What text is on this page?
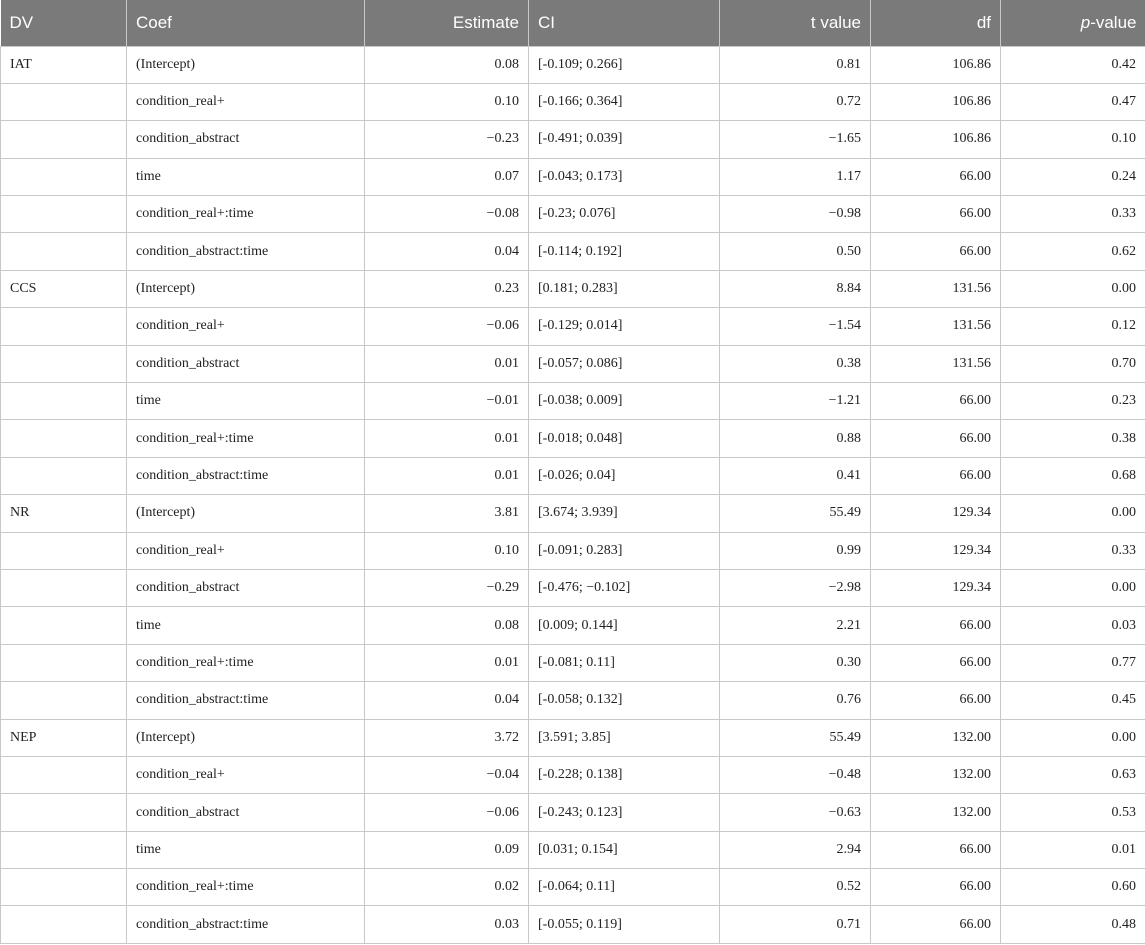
DV	Coef	Estimate	CI	t value	df	p-value
IAT	(Intercept)	0.08	[-0.109; 0.266]	0.81	106.86	0.42
	condition_real+	0.10	[-0.166; 0.364]	0.72	106.86	0.47
	condition_abstract	−0.23	[-0.491; 0.039]	−1.65	106.86	0.10
	time	0.07	[-0.043; 0.173]	1.17	66.00	0.24
	condition_real+:time	−0.08	[-0.23; 0.076]	−0.98	66.00	0.33
	condition_abstract:time	0.04	[-0.114; 0.192]	0.50	66.00	0.62
CCS	(Intercept)	0.23	[0.181; 0.283]	8.84	131.56	0.00
	condition_real+	−0.06	[-0.129; 0.014]	−1.54	131.56	0.12
	condition_abstract	0.01	[-0.057; 0.086]	0.38	131.56	0.70
	time	−0.01	[-0.038; 0.009]	−1.21	66.00	0.23
	condition_real+:time	0.01	[-0.018; 0.048]	0.88	66.00	0.38
	condition_abstract:time	0.01	[-0.026; 0.04]	0.41	66.00	0.68
NR	(Intercept)	3.81	[3.674; 3.939]	55.49	129.34	0.00
	condition_real+	0.10	[-0.091; 0.283]	0.99	129.34	0.33
	condition_abstract	−0.29	[-0.476; −0.102]	−2.98	129.34	0.00
	time	0.08	[0.009; 0.144]	2.21	66.00	0.03
	condition_real+:time	0.01	[-0.081; 0.11]	0.30	66.00	0.77
	condition_abstract:time	0.04	[-0.058; 0.132]	0.76	66.00	0.45
NEP	(Intercept)	3.72	[3.591; 3.85]	55.49	132.00	0.00
	condition_real+	−0.04	[-0.228; 0.138]	−0.48	132.00	0.63
	condition_abstract	−0.06	[-0.243; 0.123]	−0.63	132.00	0.53
	time	0.09	[0.031; 0.154]	2.94	66.00	0.01
	condition_real+:time	0.02	[-0.064; 0.11]	0.52	66.00	0.60
	condition_abstract:time	0.03	[-0.055; 0.119]	0.71	66.00	0.48
